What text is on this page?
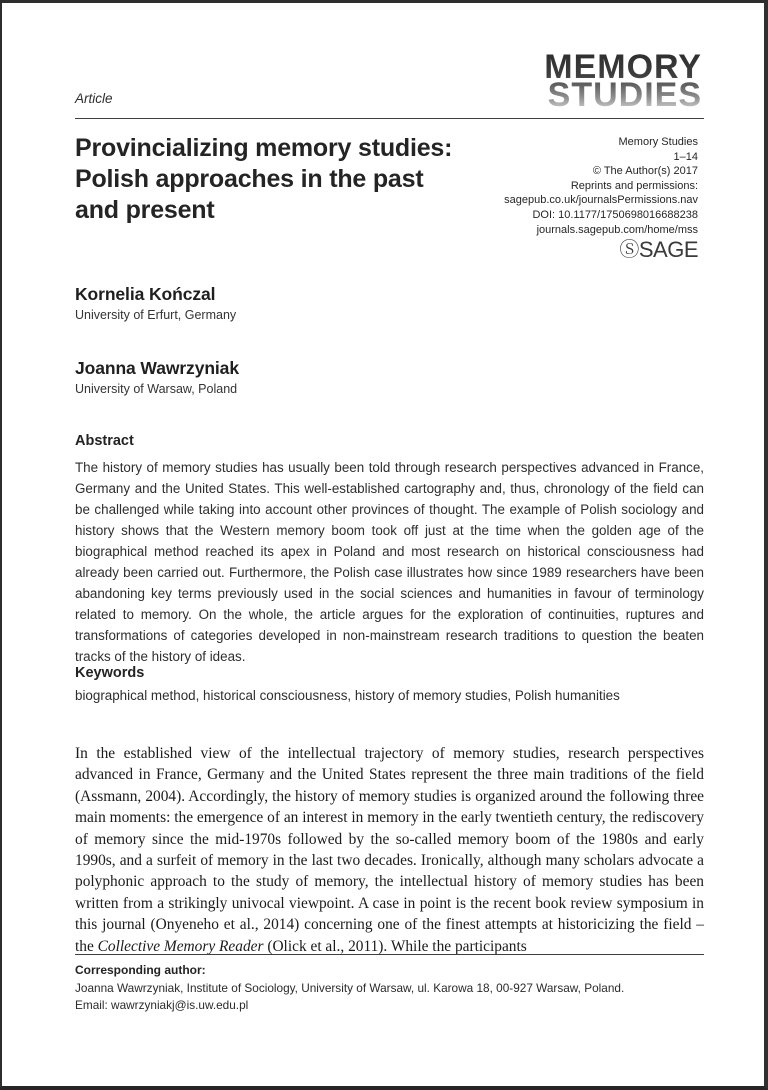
MEMORY
STUDIES
Article
Provincializing memory studies:
Polish approaches in the past
and present
Memory Studies
1–14
© The Author(s) 2017
Reprints and permissions:
sagepub.co.uk/journalsPermissions.nav
DOI: 10.1177/1750698016688238
journals.sagepub.com/home/mss
Ⓢ SAGE
Kornelia Kończal
University of Erfurt, Germany
Joanna Wawrzyniak
University of Warsaw, Poland
Abstract
The history of memory studies has usually been told through research perspectives advanced in France, Germany and the United States. This well-established cartography and, thus, chronology of the field can be challenged while taking into account other provinces of thought. The example of Polish sociology and history shows that the Western memory boom took off just at the time when the golden age of the biographical method reached its apex in Poland and most research on historical consciousness had already been carried out. Furthermore, the Polish case illustrates how since 1989 researchers have been abandoning key terms previously used in the social sciences and humanities in favour of terminology related to memory. On the whole, the article argues for the exploration of continuities, ruptures and transformations of categories developed in non-mainstream research traditions to question the beaten tracks of the history of ideas.
Keywords
biographical method, historical consciousness, history of memory studies, Polish humanities
In the established view of the intellectual trajectory of memory studies, research perspectives advanced in France, Germany and the United States represent the three main traditions of the field (Assmann, 2004). Accordingly, the history of memory studies is organized around the following three main moments: the emergence of an interest in memory in the early twentieth century, the rediscovery of memory since the mid-1970s followed by the so-called memory boom of the 1980s and early 1990s, and a surfeit of memory in the last two decades. Ironically, although many scholars advocate a polyphonic approach to the study of memory, the intellectual history of memory studies has been written from a strikingly univocal viewpoint. A case in point is the recent book review symposium in this journal (Onyeneho et al., 2014) concerning one of the finest attempts at historicizing the field – the Collective Memory Reader (Olick et al., 2011). While the participants
Corresponding author:
Joanna Wawrzyniak, Institute of Sociology, University of Warsaw, ul. Karowa 18, 00-927 Warsaw, Poland.
Email: wawrzyniakj@is.uw.edu.pl
